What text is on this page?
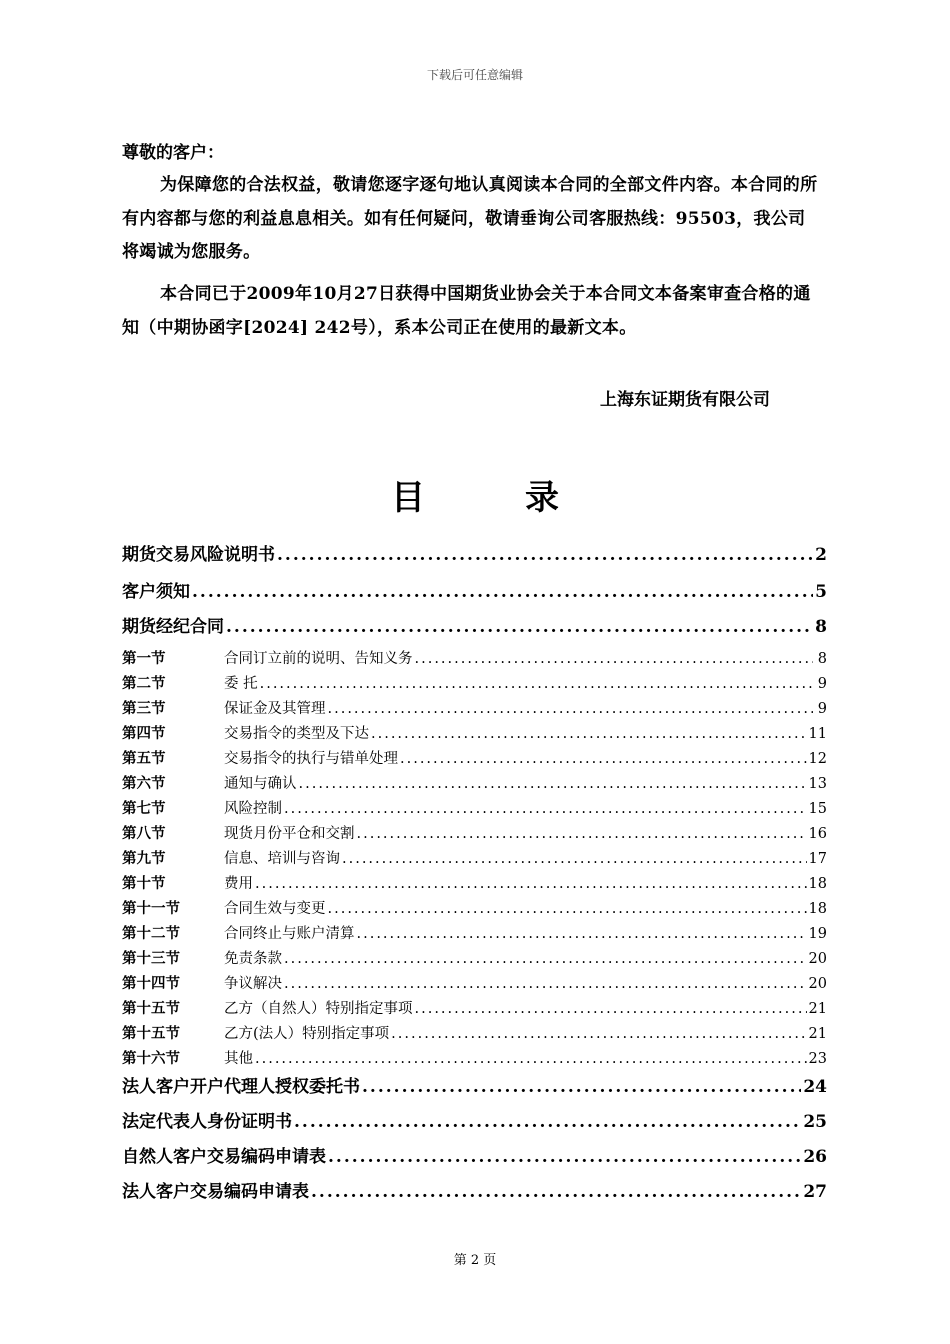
下载后可任意编辑
尊敬的客户：
为保障您的合法权益，敬请您逐字逐句地认真阅读本合同的全部文件内容。本合同的所有内容都与您的利益息息相关。如有任何疑问，敬请垂询公司客服热线：95503，我公司将竭诚为您服务。
本合同已于2009年10月27日获得中国期货业协会关于本合同文本备案审查合格的通知（中期协函字[2024] 242号），系本公司正在使用的最新文本。
上海东证期货有限公司
目	录
期货交易风险说明书 .....	2
客户须知 .....	5
期货经纪合同 .....	8
第一节	合同订立前的说明、告知义务 .....	8
第二节	委 托 .....	9
第三节	保证金及其管理 .....	9
第四节	交易指令的类型及下达 .....	11
第五节	交易指令的执行与错单处理 .....	12
第六节	通知与确认 .....	13
第七节	风险控制 .....	15
第八节	现货月份平仓和交割 .....	16
第九节	信息、培训与咨询 .....	17
第十节	费用 .....	18
第十一节	合同生效与变更 .....	18
第十二节	合同终止与账户清算 .....	19
第十三节	免责条款 .....	20
第十四节	争议解决 .....	20
第十五节	乙方（自然人）特别指定事项 .....	21
第十五节	乙方(法人）特别指定事项 .....	21
第十六节	其他 .....	23
法人客户开户代理人授权委托书 .....	24
法定代表人身份证明书 .....	25
自然人客户交易编码申请表 .....	26
法人客户交易编码申请表 .....	27
第 2 页
